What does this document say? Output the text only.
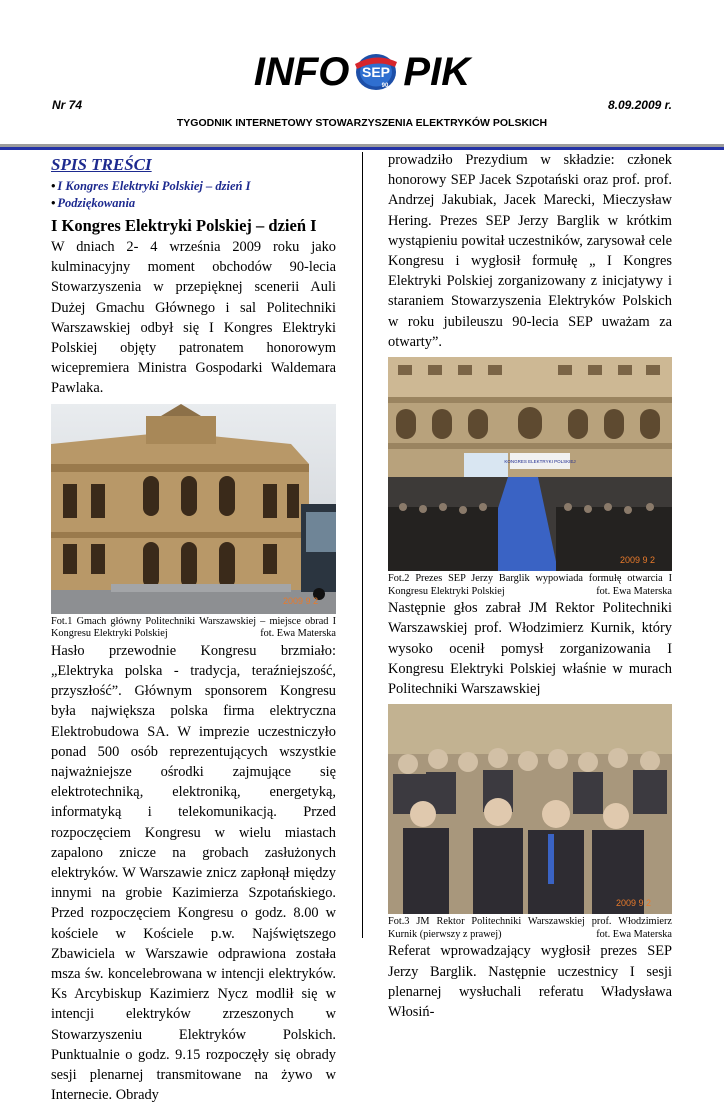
INFO SEP
90 PIK
Nr 74	8.09.2009 r.
TYGODNIK INTERNETOWY STOWARZYSZENIA ELEKTRYKÓW POLSKICH
SPIS TREŚCI
• I Kongres Elektryki Polskiej – dzień I
• Podziękowania
I Kongres Elektryki Polskiej – dzień I

W dniach 2- 4 września 2009 roku jako kulminacyjny moment obchodów 90-lecia Stowarzyszenia w przepięknej scenerii Auli Dużej Gmachu Głównego i sal Politechniki Warszawskiej odbył się I Kongres Elektryki Polskiej objęty patronatem honorowym wicepremiera Ministra Gospodarki Waldemara Pawlaka.

2009 9 2

Fot.1 Gmach główny Politechniki Warszawskiej – miejsce obrad I Kongresu Elektryki Polskiej	fot. Ewa Materska

Hasło przewodnie Kongresu brzmiało: „Elektryka polska - tradycja, teraźniejszość, przyszłość”. Głównym sponsorem Kongresu była największa polska firma elektryczna Elektrobudowa SA. W imprezie uczestniczyło ponad 500 osób reprezentujących wszystkie najważniejsze ośrodki zajmujące się elektrotechniką, elektroniką, energetyką, informatyką i telekomunikacją. Przed rozpoczęciem Kongresu w wielu miastach zapalono znicze na grobach zasłużonych elektryków. W Warszawie znicz zapłonął między innymi na grobie Kazimierza Szpotańskiego. Przed rozpoczęciem Kongresu o godz. 8.00 w kościele w Kościele p.w. Najświętszego Zbawiciela w Warszawie odprawiona została msza św. koncelebrowana w intencji elektryków. Ks Arcybiskup Kazimierz Nycz modlił się w intencji elektryków zrzeszonych w Stowarzyszeniu Elektryków Polskich. Punktualnie o godz. 9.15 rozpoczęły się obrady sesji plenarnej transmitowane na żywo w Internecie. Obrady

prowadziło Prezydium w składzie: członek honorowy SEP Jacek Szpotański oraz prof. prof. Andrzej Jakubiak, Jacek Marecki, Mieczysław Hering. Prezes SEP Jerzy Barglik w krótkim wystąpieniu powitał uczestników, zarysował cele Kongresu i wygłosił formułę „ I Kongres Elektryki Polskiej zorganizowany z inicjatywy i staraniem Stowarzyszenia Elektryków Polskich w roku jubileuszu 90-lecia SEP uważam za otwarty”.

KONGRES ELEKTRYKI POLSKIEJ
2009 9 2

Fot.2 Prezes SEP Jerzy Barglik wypowiada formułę otwarcia I Kongresu Elektryki Polskiej	fot. Ewa Materska

Następnie głos zabrał JM Rektor Politechniki Warszawskiej prof. Włodzimierz Kurnik, który wysoko ocenił pomysł zorganizowania I Kongresu Elektryki Polskiej właśnie w murach Politechniki Warszawskiej

2009 9 2

Fot.3 JM Rektor Politechniki Warszawskiej prof. Włodzimierz Kurnik (pierwszy z prawej)	fot. Ewa Materska

Referat wprowadzający wygłosił prezes SEP Jerzy Barglik. Następnie uczestnicy I sesji plenarnej wysłuchali referatu Władysława Włosiń-
